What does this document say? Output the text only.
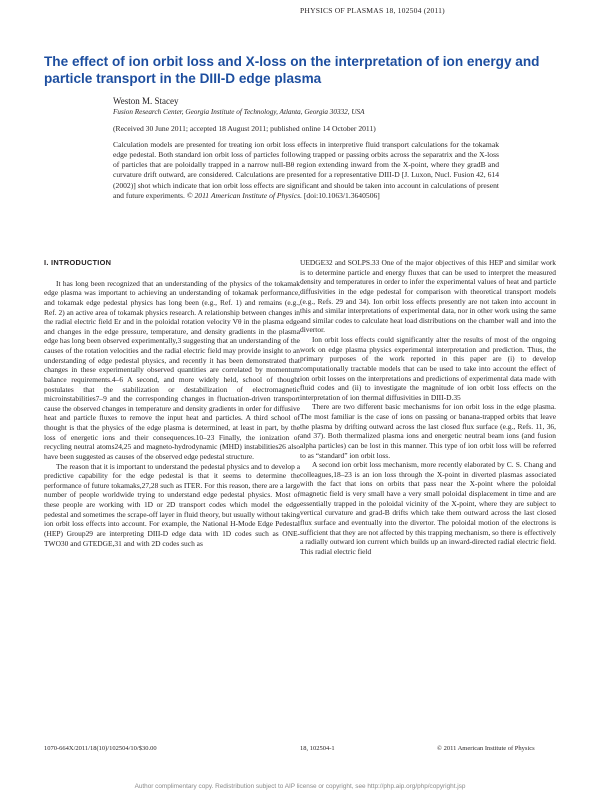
PHYSICS OF PLASMAS 18, 102504 (2011)
The effect of ion orbit loss and X-loss on the interpretation of ion energy and particle transport in the DIII-D edge plasma
Weston M. Stacey
Fusion Research Center, Georgia Institute of Technology, Atlanta, Georgia 30332, USA
(Received 30 June 2011; accepted 18 August 2011; published online 14 October 2011)
Calculation models are presented for treating ion orbit loss effects in interpretive fluid transport calculations for the tokamak edge pedestal. Both standard ion orbit loss of particles following trapped or passing orbits across the separatrix and the X-loss of particles that are poloidally trapped in a narrow null-Bθ region extending inward from the X-point, where they gradB and curvature drift outward, are considered. Calculations are presented for a representative DIII-D [J. Luxon, Nucl. Fusion 42, 614 (2002)] shot which indicate that ion orbit loss effects are significant and should be taken into account in calculations of present and future experiments. © 2011 American Institute of Physics. [doi:10.1063/1.3640506]
I. INTRODUCTION

It has long been recognized that an understanding of the physics of the tokamak edge plasma was important to achieving an understanding of tokamak performance, and tokamak edge pedestal physics has long been (e.g., Ref. 1) and remains (e.g., Ref. 2) an active area of tokamak physics research. A relationship between changes in the radial electric field Er and in the poloidal rotation velocity Vθ in the plasma edge and changes in the edge pressure, temperature, and density gradients in the plasma edge has long been observed experimentally,3 suggesting that an understanding of the causes of the rotation velocities and the radial electric field may provide insight to an understanding of edge pedestal physics, and recently it has been demonstrated that changes in these experimentally observed quantities are correlated by momentum balance requirements.4–6 A second, and more widely held, school of thought postulates that the stabilization or destabilization of electromagnetic microinstabilities7–9 and the corresponding changes in fluctuation-driven transport cause the observed changes in temperature and density gradients in order for diffusive heat and particle fluxes to remove the input heat and particles. A third school of thought is that the physics of the edge plasma is determined, at least in part, by the loss of energetic ions and their consequences.10–23 Finally, the ionization of recycling neutral atoms24,25 and magneto-hydrodynamic (MHD) instabilities26 also have been suggested as causes of the observed edge pedestal structure.

The reason that it is important to understand the pedestal physics and to develop a predictive capability for the edge pedestal is that it seems to determine the performance of future tokamaks,27,28 such as ITER. For this reason, there are a large number of people worldwide trying to understand edge pedestal physics. Most of these people are working with 1D or 2D transport codes which model the edge pedestal and sometimes the scrape-off layer in fluid theory, but usually without taking ion orbit loss effects into account. For example, the National H-Mode Edge Pedestal (HEP) Group29 are interpreting DIII-D edge data with 1D codes such as ONE-TWO30 and GTEDGE,31 and with 2D codes such as

UEDGE32 and SOLPS.33 One of the major objectives of this HEP and similar work is to determine particle and energy fluxes that can be used to interpret the measured density and temperatures in order to infer the experimental values of heat and particle diffusivities in the edge pedestal for comparison with theoretical transport models (e.g., Refs. 29 and 34). Ion orbit loss effects presently are not taken into account in this and similar interpretations of experimental data, nor in other work using the same and similar codes to calculate heat load distributions on the chamber wall and into the divertor.

Ion orbit loss effects could significantly alter the results of most of the ongoing work on edge plasma physics experimental interpretation and prediction. Thus, the primary purposes of the work reported in this paper are (i) to develop computationally tractable models that can be used to take into account the effect of ion orbit losses on the interpretations and predictions of experimental data made with fluid codes and (ii) to investigate the magnitude of ion orbit loss effects on the interpretation of ion thermal diffusivities in DIII-D.35

There are two different basic mechanisms for ion orbit loss in the edge plasma. The most familiar is the case of ions on passing or banana-trapped orbits that leave the plasma by drifting outward across the last closed flux surface (e.g., Refs. 11, 36, and 37). Both thermalized plasma ions and energetic neutral beam ions (and fusion alpha particles) can be lost in this manner. This type of ion orbit loss will be referred to as “standard” ion orbit loss.

A second ion orbit loss mechanism, more recently elaborated by C. S. Chang and colleagues,18–23 is an ion loss through the X-point in diverted plasmas associated with the fact that ions on orbits that pass near the X-point where the poloidal magnetic field is very small have a very small poloidal displacement in time and are essentially trapped in the poloidal vicinity of the X-point, where they are subject to vertical curvature and grad-B drifts which take them outward across the last closed flux surface and eventually into the divertor. The poloidal motion of the electrons is sufficient that they are not affected by this trapping mechanism, so there is effectively a radially outward ion current which builds up an inward-directed radial electric field. This radial electric field

1070-664X/2011/18(10)/102504/10/$30.00	18, 102504-1	© 2011 American Institute of Physics
Author complimentary copy. Redistribution subject to AIP license or copyright, see http://php.aip.org/php/copyright.jsp
